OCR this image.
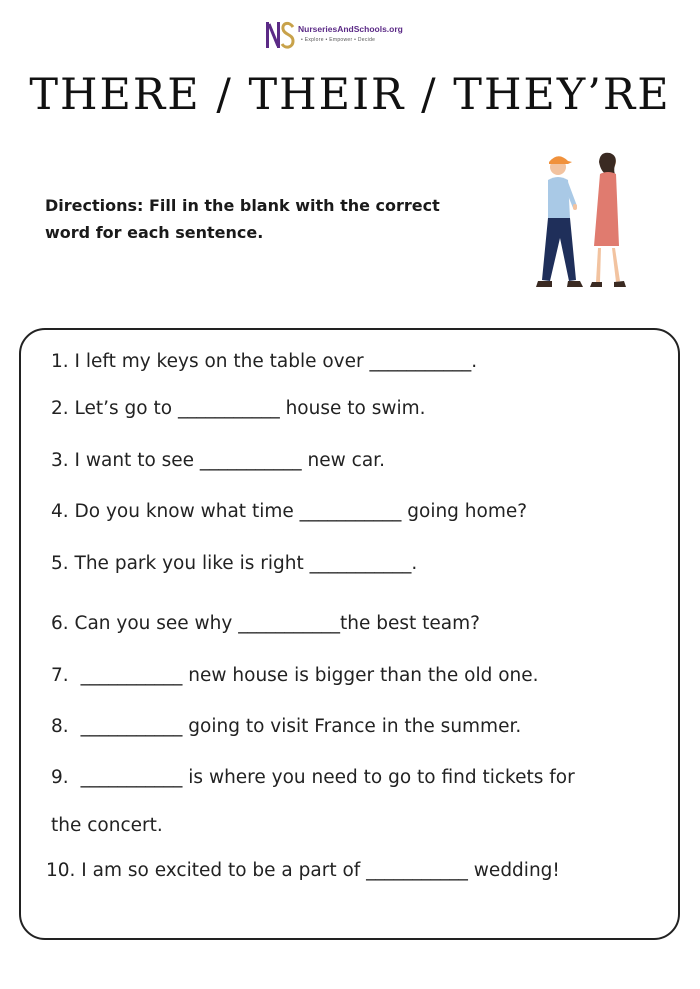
NurseriesAndSchools.org
• Explore • Empower • Decide
THERE / THEIR / THEY’RE
Directions: Fill in the blank with the correct
word for each sentence.
1. I left my keys on the table over ___________.
2. Let’s go to ___________ house to swim.
3. I want to see ___________ new car.
4. Do you know what time ___________ going home?
5. The park you like is right ___________.
6. Can you see why ___________the best team?
7. ___________ new house is bigger than the old one.
8. ___________ going to visit France in the summer.
9. ___________ is where you need to go to find tickets for
the concert.
10. I am so excited to be a part of ___________ wedding!
